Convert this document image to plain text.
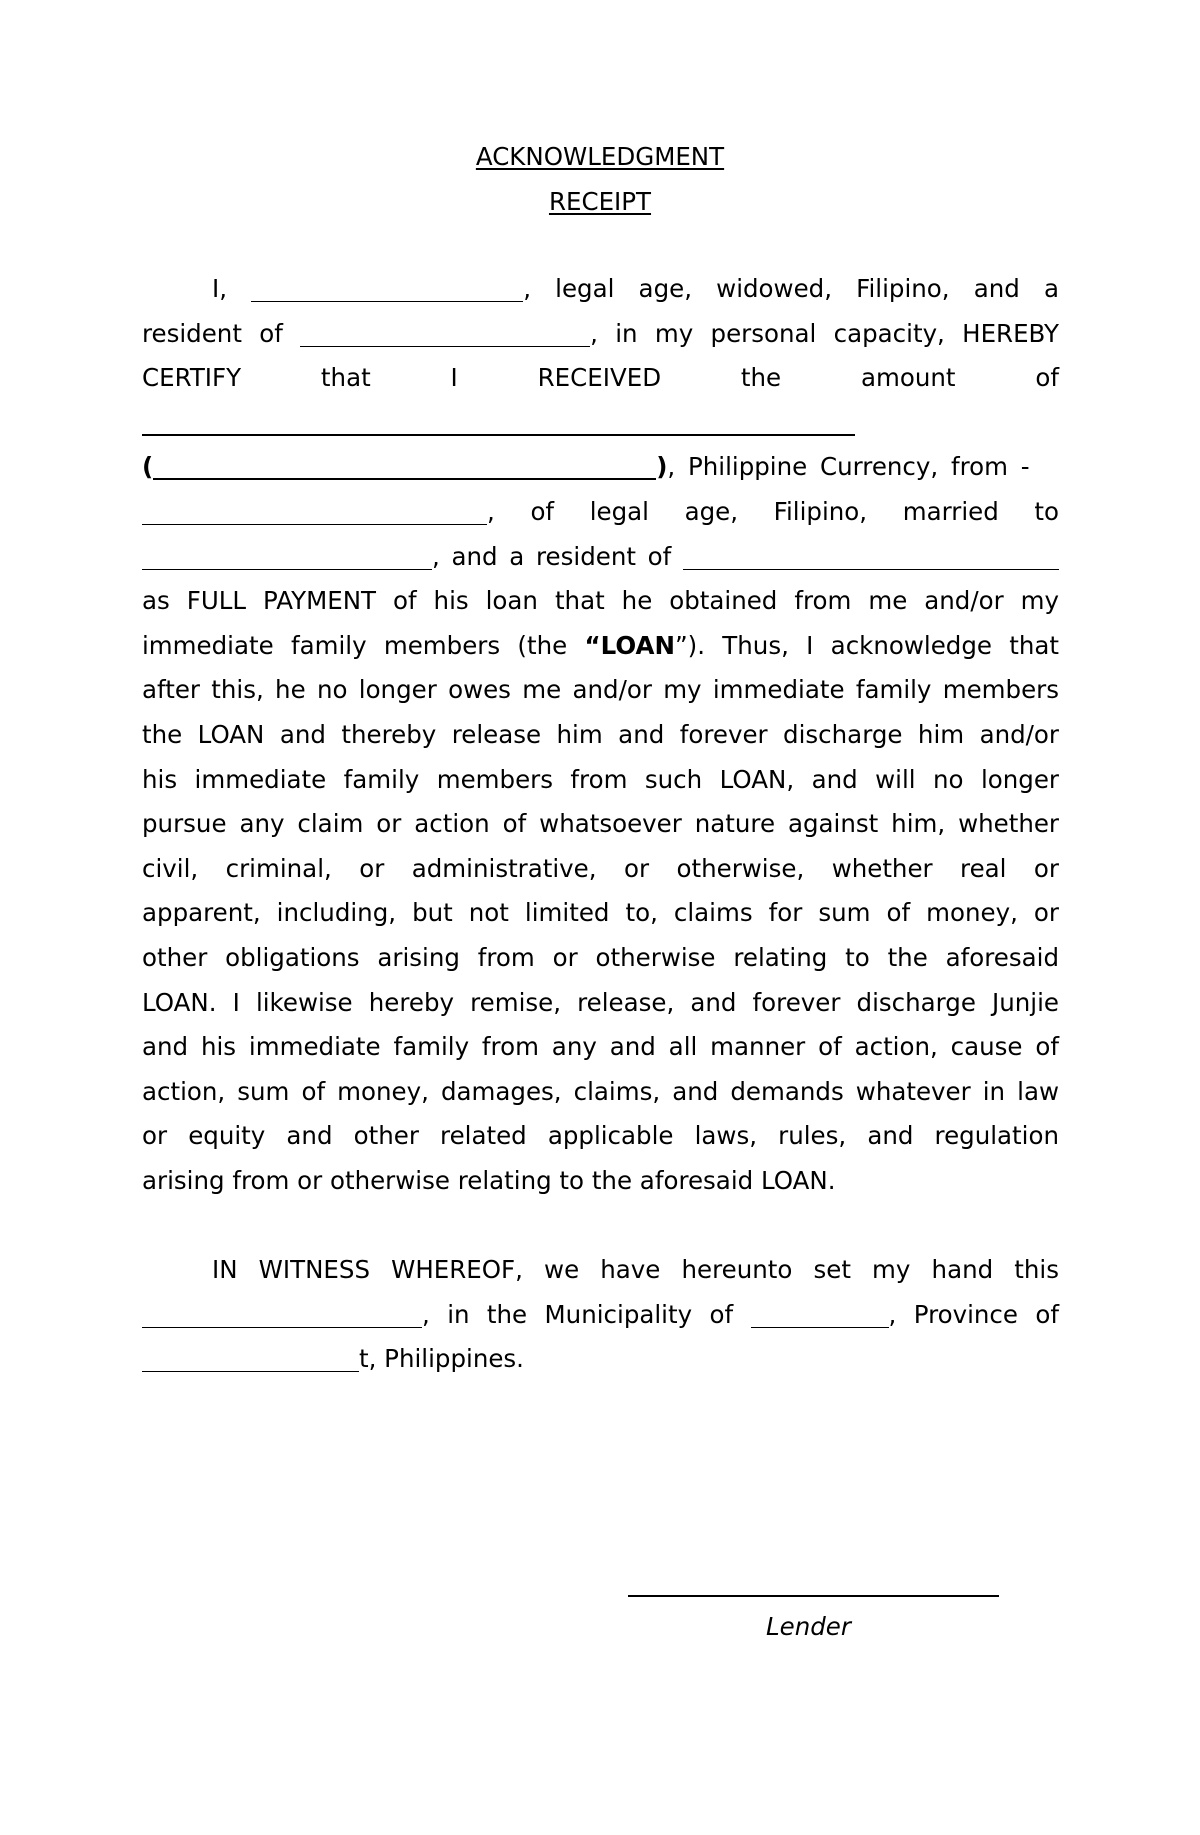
ACKNOWLEDGMENT
RECEIPT
I,	, legal age, widowed, Filipino, and a
resident of	, in my personal capacity, HEREBY
CERTIFY that I RECEIVED the amount of
(	), Philippine Currency, from -
, of legal age, Filipino, married to
, and a resident of
as FULL PAYMENT of his loan that he obtained from me and/or my
immediate family members (the “LOAN”). Thus, I acknowledge that
after this, he no longer owes me and/or my immediate family members
the LOAN and thereby release him and forever discharge him and/or
his immediate family members from such LOAN, and will no longer
pursue any claim or action of whatsoever nature against him, whether
civil, criminal, or administrative, or otherwise, whether real or
apparent, including, but not limited to, claims for sum of money, or
other obligations arising from or otherwise relating to the aforesaid
LOAN. I likewise hereby remise, release, and forever discharge Junjie
and his immediate family from any and all manner of action, cause of
action, sum of money, damages, claims, and demands whatever in law
or equity and other related applicable laws, rules, and regulation
arising from or otherwise relating to the aforesaid LOAN.
IN WITNESS WHEREOF, we have hereunto set my hand this
, in the Municipality of	, Province of
t, Philippines.
Lender
